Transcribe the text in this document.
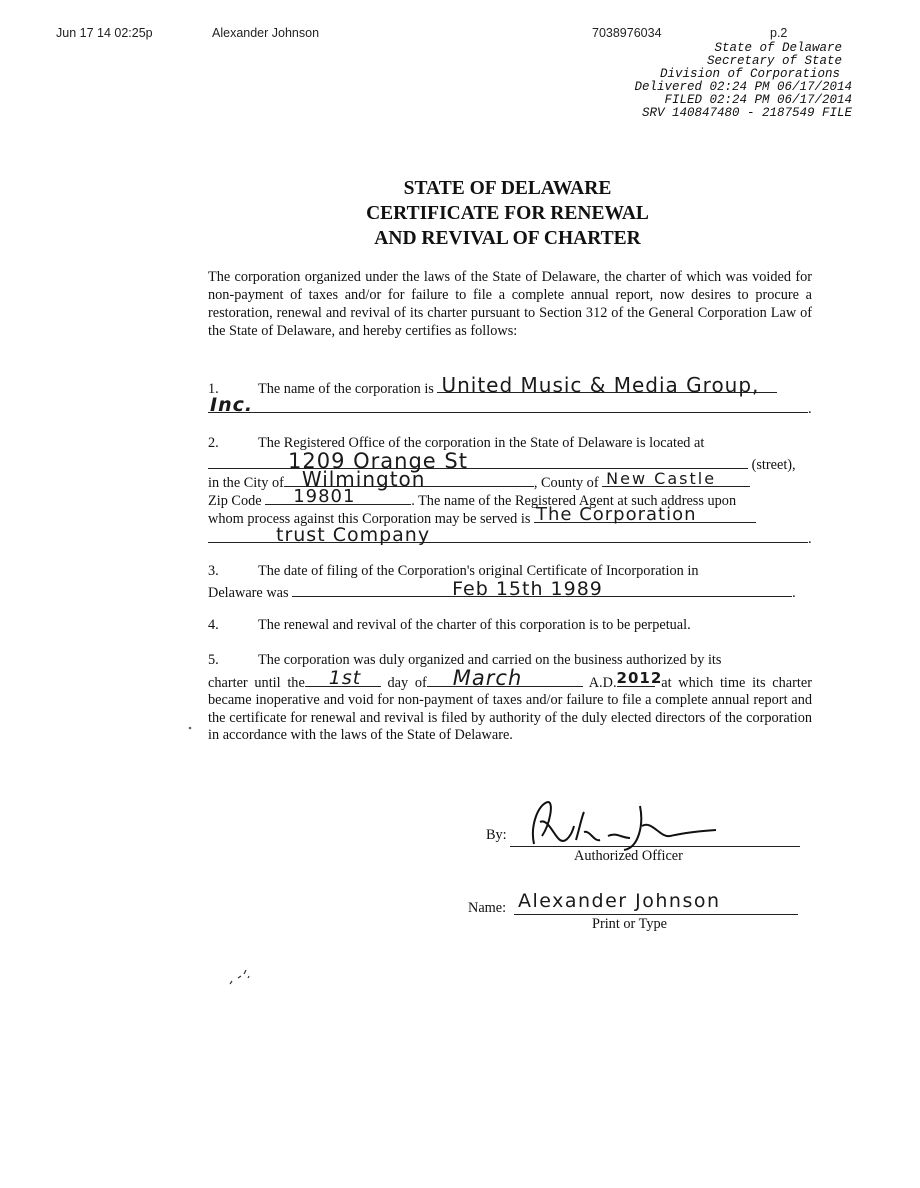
Jun 17 14 02:25p	Alexander Johnson	7038976034	p.2
State of Delaware
Secretary of State
Division of Corporations
Delivered 02:24 PM 06/17/2014
FILED 02:24 PM 06/17/2014
SRV 140847480 - 2187549 FILE
STATE OF DELAWARE
CERTIFICATE FOR RENEWAL
AND REVIVAL OF CHARTER
The corporation organized under the laws of the State of Delaware, the charter of which was voided for non-payment of taxes and/or for failure to file a complete annual report, now desires to procure a restoration, renewal and revival of its charter pursuant to Section 312 of the General Corporation Law of the State of Delaware, and hereby certifies as follows:
1.	The name of the corporation is United Music & Media Group,
Inc.	.
2.	The Registered Office of the corporation in the State of Delaware is located at
1209 Orange St	(street),
in the City of Wilmington	, County of New Castle
Zip Code 19801	. The name of the Registered Agent at such address upon
whom process against this Corporation may be served is The Corporation
trust Company	.
3.	The date of filing of the Corporation's original Certificate of Incorporation in
Delaware was	Feb 15th 1989	.
4.	The renewal and revival of the charter of this corporation is to be perpetual.
5.	The corporation was duly organized and carried on the business authorized by its
charter until the 1st day of March	A.D. 2012
at which time its charter became inoperative and void for non-payment of taxes and/or failure to file a complete annual report and the certificate for renewal and revival is filed by authority of the duly elected directors of the corporation in accordance with the laws of the State of Delaware.
By:
Authorized Officer
Name: Alexander Johnson
Print or Type
